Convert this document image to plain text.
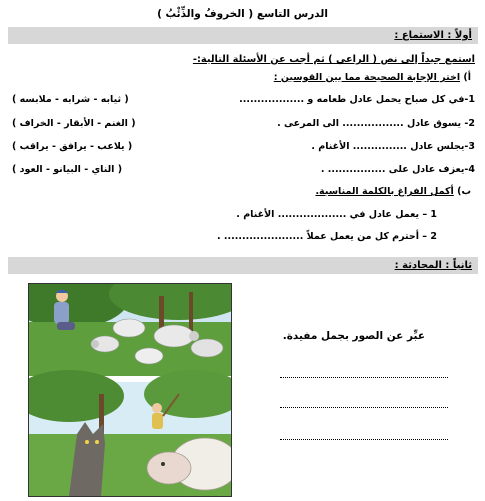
الدرس التاسع ( الخروفُ والذِّئْبُ )
أولاً : الاستماع :
استمع جيداً إلى نص ( الراعي ) ثم أجب عن الأسئلة التالية:-
أ) اختر الإجابة الصحيحة مما بين القوسين :
1-في كل صباح يحمل عادل طعامه و ..................
( ثيابه - شرابه - ملابسه )
2- يسوق عادل ................. الى المرعى .
( الغنم - الأبقار - الخراف )
3-يجلس عادل ............... الأغنام .
( يلاعب - يرافق - يراقب )
4-يعزف عادل على ................ .
( الناي - البيانو - العود )
ب) أكمل الفراغ بالكلمة المناسبة.
1 – يعمل عادل في ................... الأغنام .
2 – أحترم كل من يعمل عملاً ...................... .
ثانياً : المحادثة :
عبِّر عن الصور بجمل مفيدة.
